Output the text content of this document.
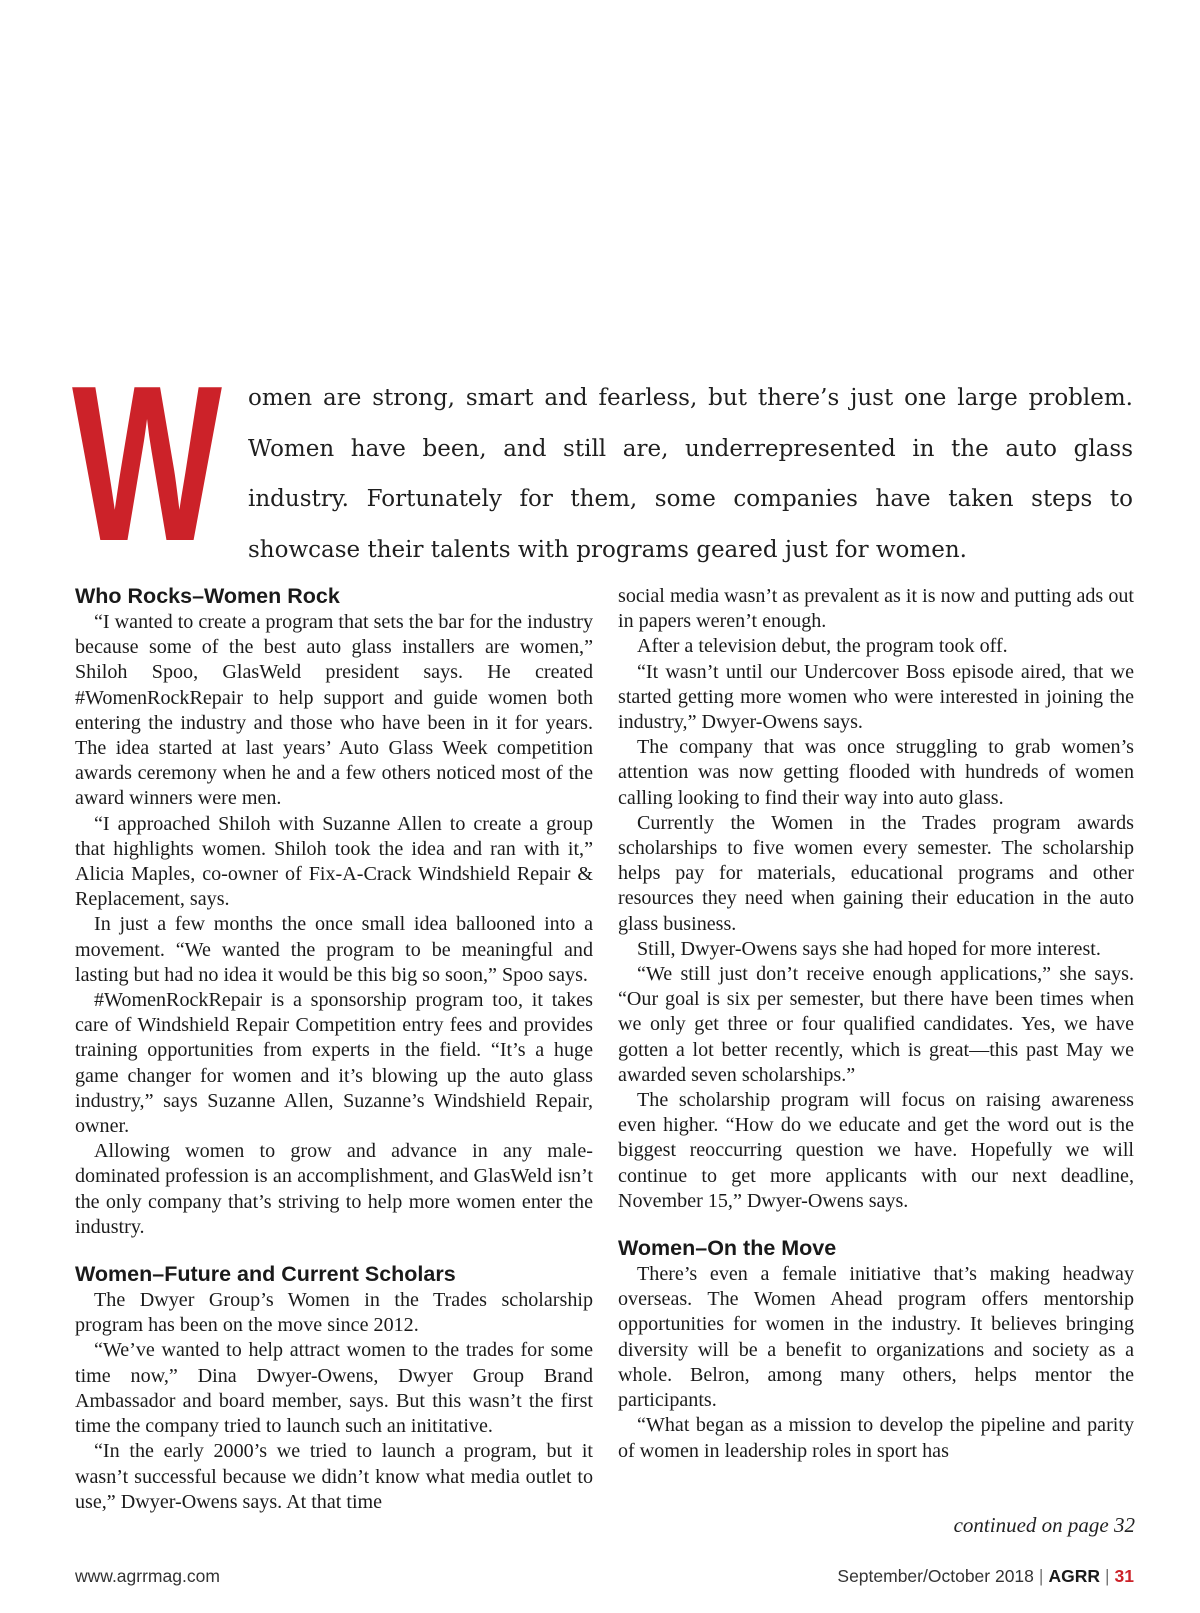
W omen are strong, smart and fearless, but there’s just one large problem. Women have been, and still are, underrepresented in the auto glass industry. Fortunately for them, some companies have taken steps to showcase their talents with programs geared just for women.

Who Rocks–Women Rock

“I wanted to create a program that sets the bar for the industry because some of the best auto glass installers are women,” Shiloh Spoo, GlasWeld president says. He created #WomenRockRepair to help support and guide women both entering the industry and those who have been in it for years. The idea started at last years’ Auto Glass Week competition awards ceremony when he and a few others noticed most of the award winners were men.

“I approached Shiloh with Suzanne Allen to create a group that highlights women. Shiloh took the idea and ran with it,” Alicia Maples, co-owner of Fix-A-Crack Windshield Repair & Replacement, says.

In just a few months the once small idea ballooned into a movement. “We wanted the program to be meaningful and lasting but had no idea it would be this big so soon,” Spoo says.

#WomenRockRepair is a sponsorship program too, it takes care of Windshield Repair Competition entry fees and provides training opportunities from experts in the field. “It’s a huge game changer for women and it’s blowing up the auto glass industry,” says Suzanne Allen, Suzanne’s Windshield Repair, owner.

Allowing women to grow and advance in any male-dominated profession is an accomplishment, and GlasWeld isn’t the only company that’s striving to help more women enter the industry.

Women–Future and Current Scholars

The Dwyer Group’s Women in the Trades scholarship program has been on the move since 2012.

“We’ve wanted to help attract women to the trades for some time now,” Dina Dwyer-Owens, Dwyer Group Brand Ambassador and board member, says. But this wasn’t the first time the company tried to launch such an inititative.

“In the early 2000’s we tried to launch a program, but it wasn’t successful because we didn’t know what media outlet to use,” Dwyer-Owens says. At that time

social media wasn’t as prevalent as it is now and putting ads out in papers weren’t enough.

After a television debut, the program took off.

“It wasn’t until our Undercover Boss episode aired, that we started getting more women who were interested in joining the industry,” Dwyer-Owens says.

The company that was once struggling to grab women’s attention was now getting flooded with hundreds of women calling looking to find their way into auto glass.

Currently the Women in the Trades program awards scholarships to five women every semester. The scholarship helps pay for materials, educational programs and other resources they need when gaining their education in the auto glass business.

Still, Dwyer-Owens says she had hoped for more interest.

“We still just don’t receive enough applications,” she says. “Our goal is six per semester, but there have been times when we only get three or four qualified candidates. Yes, we have gotten a lot better recently, which is great—this past May we awarded seven scholarships.”

The scholarship program will focus on raising awareness even higher. “How do we educate and get the word out is the biggest reoccurring question we have. Hopefully we will continue to get more applicants with our next deadline, November 15,” Dwyer-Owens says.

Women–On the Move

There’s even a female initiative that’s making headway overseas. The Women Ahead program offers mentorship opportunities for women in the industry. It believes bringing diversity will be a benefit to organizations and society as a whole. Belron, among many others, helps mentor the participants.

“What began as a mission to develop the pipeline and parity of women in leadership roles in sport has

continued on page 32
www.agrrmag.com	September/October 2018 | AGRR | 31
